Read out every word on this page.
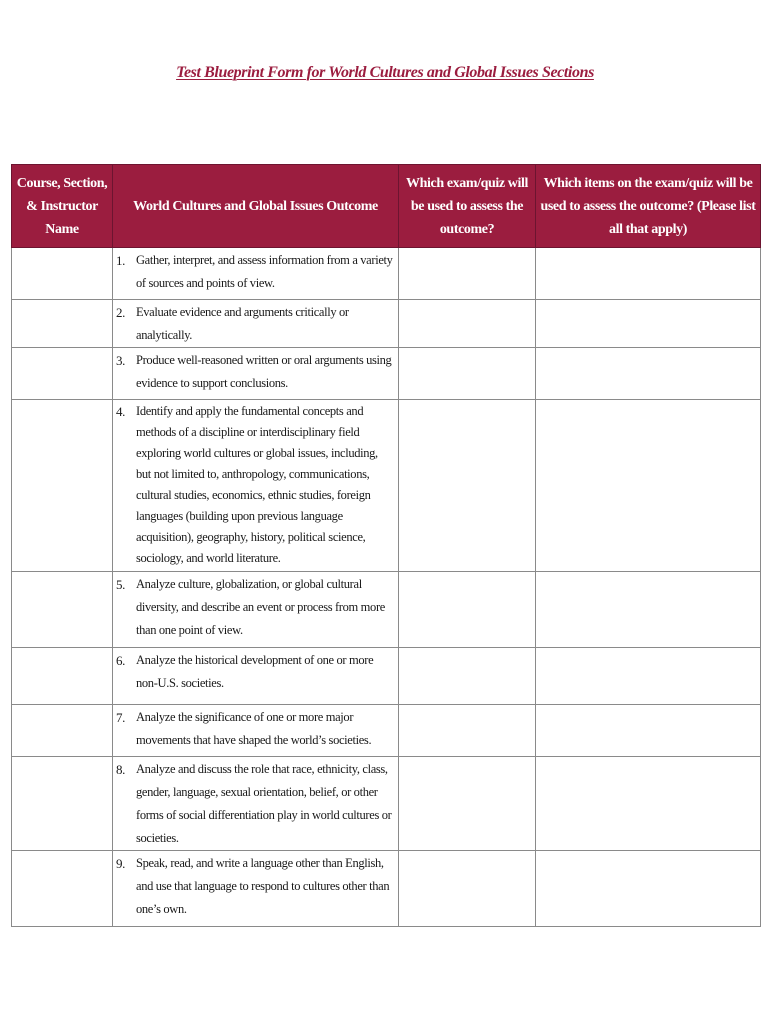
Test Blueprint Form for World Cultures and Global Issues Sections
Course, Section, & Instructor Name	World Cultures and Global Issues Outcome	Which exam/quiz will be used to assess the outcome?	Which items on the exam/quiz will be used to assess the outcome? (Please list all that apply)

	1. Gather, interpret, and assess information from a variety of sources and points of view.		

	2. Evaluate evidence and arguments critically or analytically.		

	3. Produce well-reasoned written or oral arguments using evidence to support conclusions.		

	4. Identify and apply the fundamental concepts and methods of a discipline or interdisciplinary field exploring world cultures or global issues, including, but not limited to, anthropology, communications, cultural studies, economics, ethnic studies, foreign languages (building upon previous language acquisition), geography, history, political science, sociology, and world literature.		

	5. Analyze culture, globalization, or global cultural diversity, and describe an event or process from more than one point of view.		

	6. Analyze the historical development of one or more non-U.S. societies.		

	7. Analyze the significance of one or more major movements that have shaped the world’s societies.		

	8. Analyze and discuss the role that race, ethnicity, class, gender, language, sexual orientation, belief, or other forms of social differentiation play in world cultures or societies.		

	9. Speak, read, and write a language other than English, and use that language to respond to cultures other than one’s own.		
